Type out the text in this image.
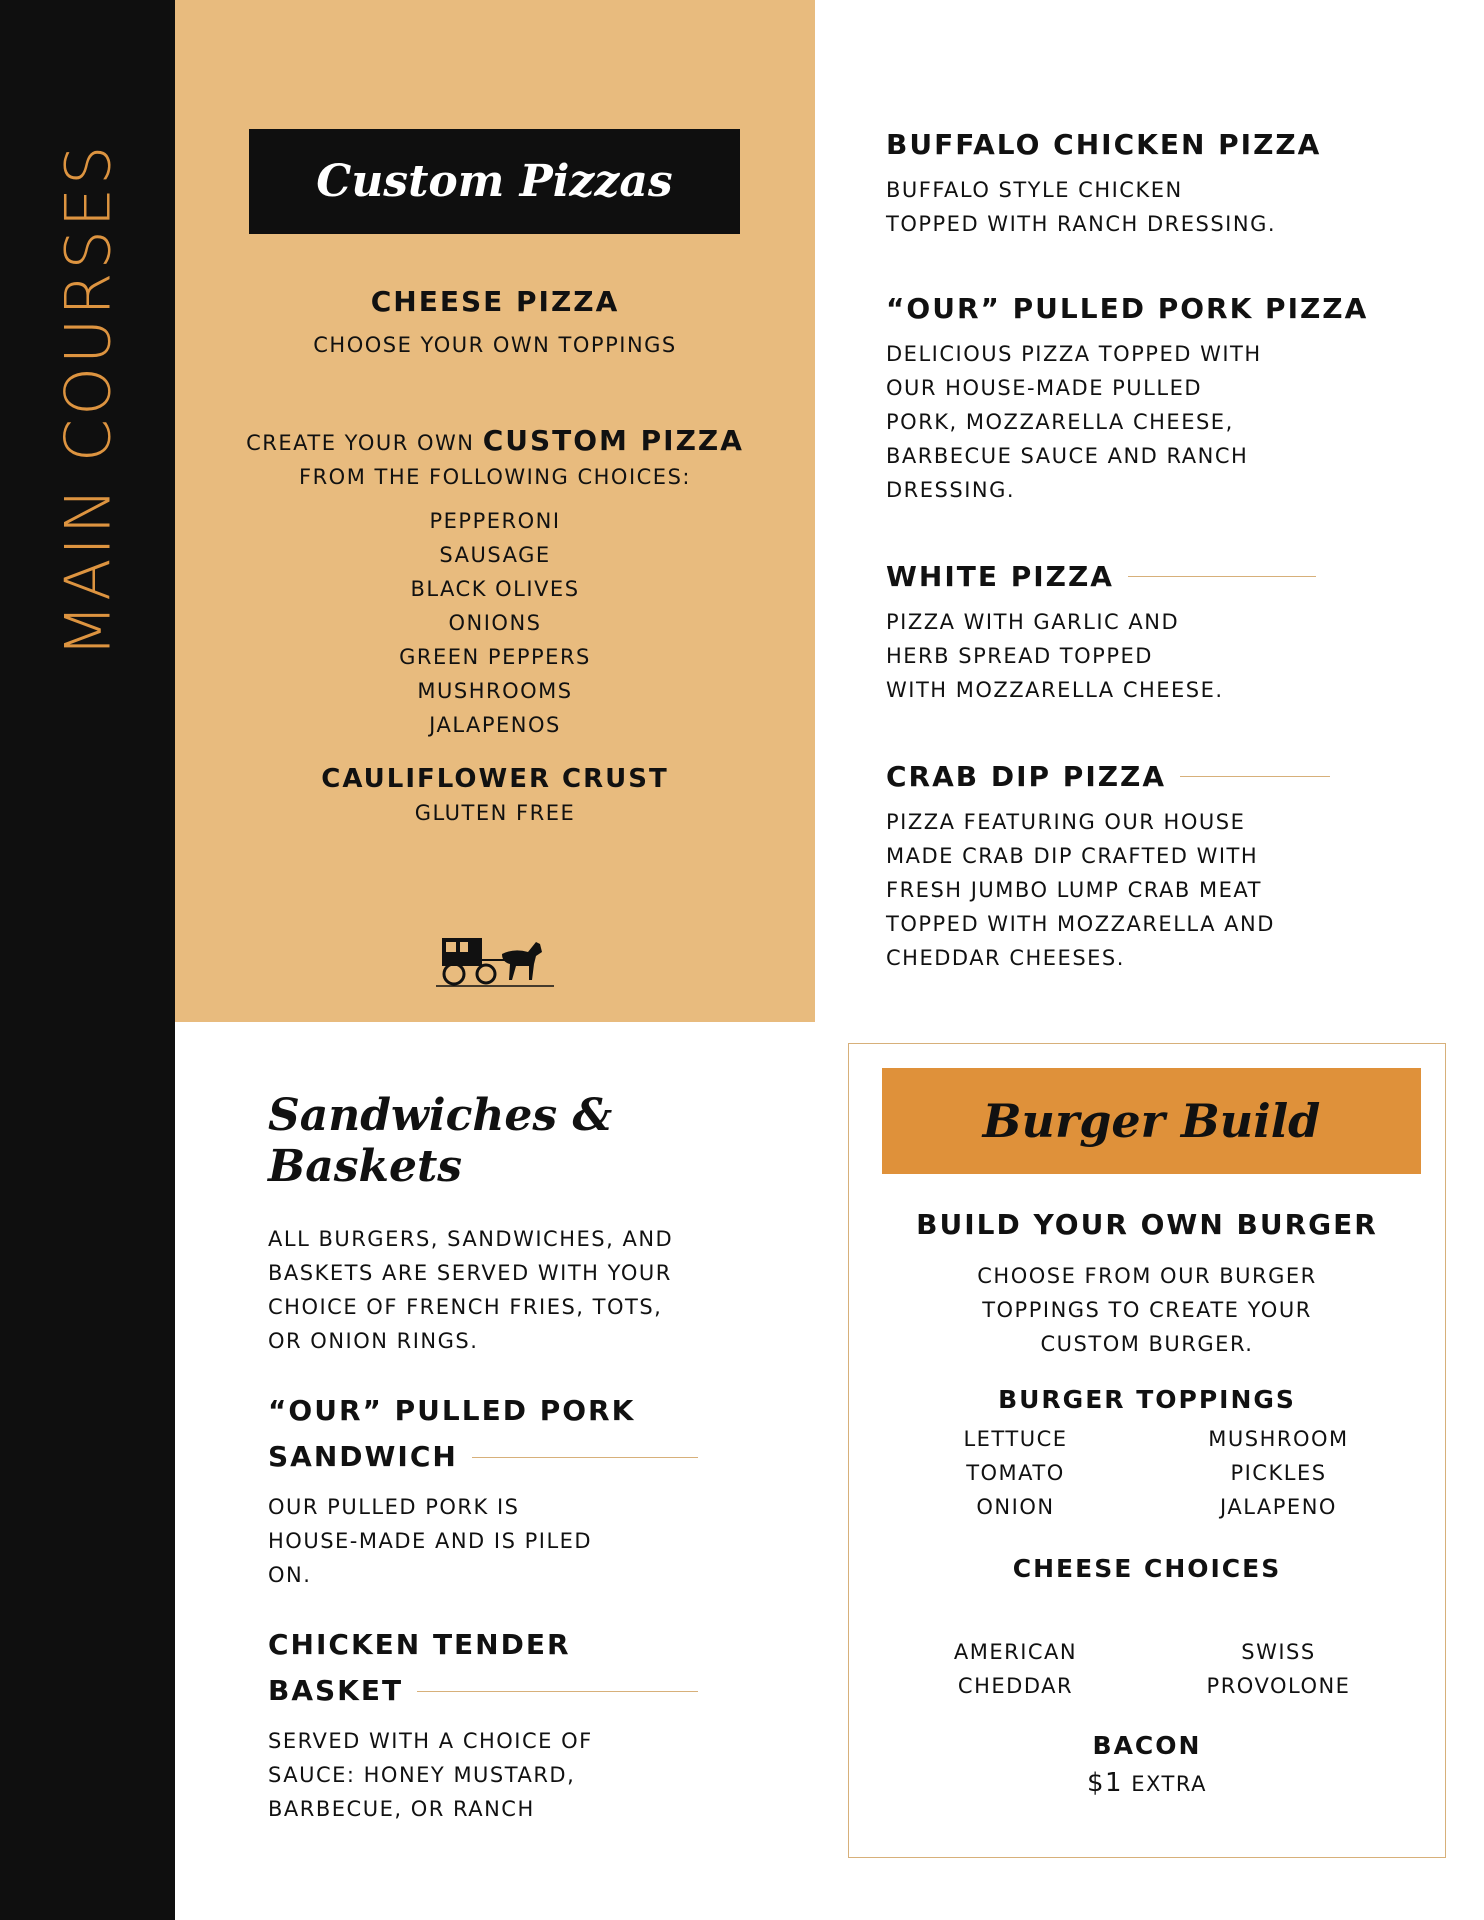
MAIN COURSES	Custom Pizzas
CHEESE PIZZA

CHOOSE YOUR OWN TOPPINGS

CREATE YOUR OWN CUSTOM PIZZA

FROM THE FOLLOWING CHOICES:

PEPPERONI
SAUSAGE
BLACK OLIVES
ONIONS
GREEN PEPPERS
MUSHROOMS
JALAPENOS
CAULIFLOWER CRUST

GLUTEN FREE

BUFFALO CHICKEN PIZZA

BUFFALO STYLE CHICKEN

TOPPED WITH RANCH DRESSING.

“OUR” PULLED PORK PIZZA

DELICIOUS PIZZA TOPPED WITH

OUR HOUSE-MADE PULLED

PORK, MOZZARELLA CHEESE,

BARBECUE SAUCE AND RANCH

DRESSING.

WHITE PIZZA

PIZZA WITH GARLIC AND

HERB SPREAD TOPPED

WITH MOZZARELLA CHEESE.

CRAB DIP PIZZA

PIZZA FEATURING OUR HOUSE

MADE CRAB DIP CRAFTED WITH

FRESH JUMBO LUMP CRAB MEAT

TOPPED WITH MOZZARELLA AND

CHEDDAR CHEESES.

Sandwiches & Baskets

ALL BURGERS, SANDWICHES, AND

BASKETS ARE SERVED WITH YOUR

CHOICE OF FRENCH FRIES, TOTS,

OR ONION RINGS.

“OUR” PULLED PORK
SANDWICH

OUR PULLED PORK IS

HOUSE-MADE AND IS PILED

ON.

CHICKEN TENDER
BASKET

SERVED WITH A CHOICE OF

SAUCE: HONEY MUSTARD,

BARBECUE, OR RANCH

Burger Build
BUILD YOUR OWN BURGER

CHOOSE FROM OUR BURGER

TOPPINGS TO CREATE YOUR

CUSTOM BURGER.

BURGER TOPPINGS
LETTUCE
TOMATO
ONION
MUSHROOM
PICKLES
JALAPENO
CHEESE CHOICES
AMERICAN
CHEDDAR
SWISS
PROVOLONE
BACON

$1 EXTRA
